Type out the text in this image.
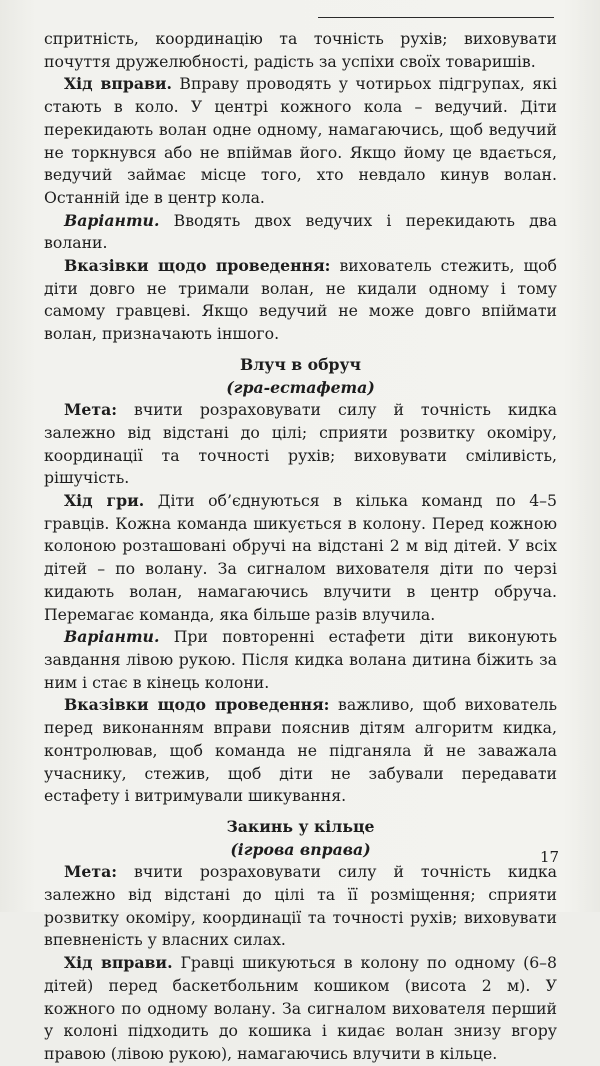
спритність, координацію та точність рухів; виховувати почуття дружелюбності, радість за успіхи своїх товаришів.

Хід вправи. Вправу проводять у чотирьох підгрупах, які стають в коло. У центрі кожного кола – ведучий. Діти перекидають волан одне одному, намагаючись, щоб ведучий не торкнувся або не впіймав його. Якщо йому це вдається, ведучий займає місце того, хто невдало кинув волан. Останній іде в центр кола.

Варіанти. Вводять двох ведучих і перекидають два волани.

Вказівки щодо проведення: вихователь стежить, щоб діти довго не тримали волан, не кидали одному і тому самому гравцеві. Якщо ведучий не може довго впіймати волан, призначають іншого.

Влуч в обруч

(гра-естафета)

Мета: вчити розраховувати силу й точність кидка залежно від відстані до цілі; сприяти розвитку окоміру, координації та точності рухів; виховувати сміливість, рішучість.

Хід гри. Діти об’єднуються в кілька команд по 4–5 гравців. Кожна команда шикується в колону. Перед кожною колоною розташовані обручі на відстані 2 м від дітей. У всіх дітей – по волану. За сигналом вихователя діти по черзі кидають волан, намагаючись влучити в центр обруча. Перемагає команда, яка більше разів влучила.

Варіанти. При повторенні естафети діти виконують завдання лівою рукою. Після кидка волана дитина біжить за ним і стає в кінець колони.

Вказівки щодо проведення: важливо, щоб вихователь перед виконанням вправи пояснив дітям алгоритм кидка, контролював, щоб команда не підганяла й не заважала учаснику, стежив, щоб діти не забували передавати естафету і витримували шикування.

Закинь у кільце

(ігрова вправа)

Мета: вчити розраховувати силу й точність кидка залежно від відстані до цілі та її розміщення; сприяти розвитку окоміру, координації та точності рухів; виховувати впевненість у власних силах.

Хід вправи. Гравці шикуються в колону по одному (6–8 дітей) перед баскетбольним кошиком (висота 2 м). У кожного по одному волану. За сигналом вихователя перший у колоні підходить до кошика і кидає волан знизу вгору правою (лівою рукою), намагаючись влучити в кільце.

17
